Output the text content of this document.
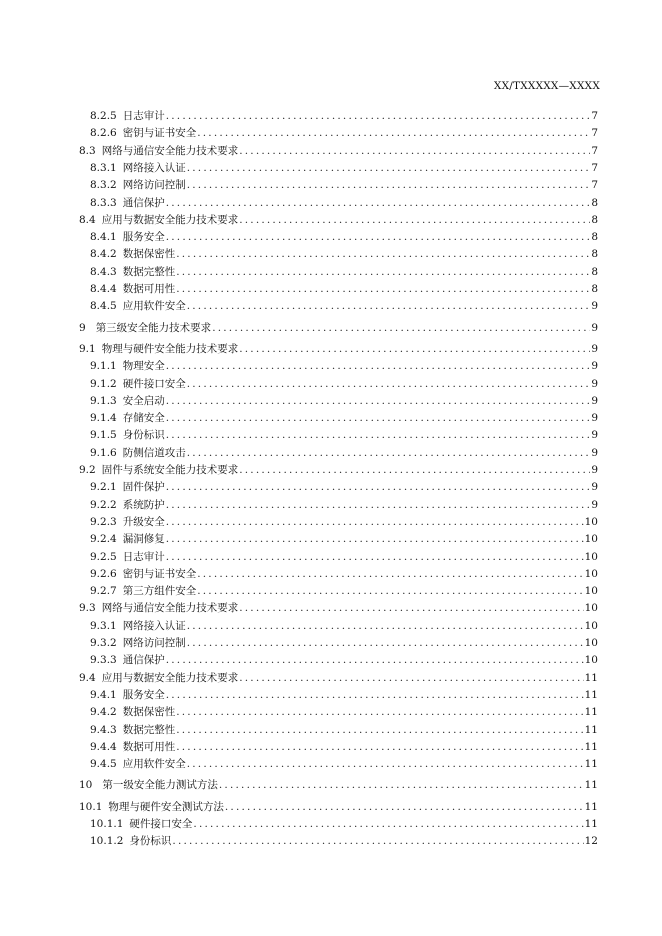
XX/TXXXXX—XXXX
8.2.5 日志审计 .....	7
8.2.6 密钥与证书安全 .....	7
8.3 网络与通信安全能力技术要求 .....	7
8.3.1 网络接入认证 .....	7
8.3.2 网络访问控制 .....	7
8.3.3 通信保护 .....	8
8.4 应用与数据安全能力技术要求 .....	8
8.4.1 服务安全 .....	8
8.4.2 数据保密性 .....	8
8.4.3 数据完整性 .....	8
8.4.4 数据可用性 .....	8
8.4.5 应用软件安全 .....	9
9 第三级安全能力技术要求 .....	9
9.1 物理与硬件安全能力技术要求 .....	9
9.1.1 物理安全 .....	9
9.1.2 硬件接口安全 .....	9
9.1.3 安全启动 .....	9
9.1.4 存储安全 .....	9
9.1.5 身份标识 .....	9
9.1.6 防侧信道攻击 .....	9
9.2 固件与系统安全能力技术要求 .....	9
9.2.1 固件保护 .....	9
9.2.2 系统防护 .....	9
9.2.3 升级安全 .....	10
9.2.4 漏洞修复 .....	10
9.2.5 日志审计 .....	10
9.2.6 密钥与证书安全 .....	10
9.2.7 第三方组件安全 .....	10
9.3 网络与通信安全能力技术要求 .....	10
9.3.1 网络接入认证 .....	10
9.3.2 网络访问控制 .....	10
9.3.3 通信保护 .....	10
9.4 应用与数据安全能力技术要求 .....	11
9.4.1 服务安全 .....	11
9.4.2 数据保密性 .....	11
9.4.3 数据完整性 .....	11
9.4.4 数据可用性 .....	11
9.4.5 应用软件安全 .....	11
10 第一级安全能力测试方法 .....	11
10.1 物理与硬件安全测试方法 .....	11
10.1.1 硬件接口安全 .....	11
10.1.2 身份标识 .....	12
